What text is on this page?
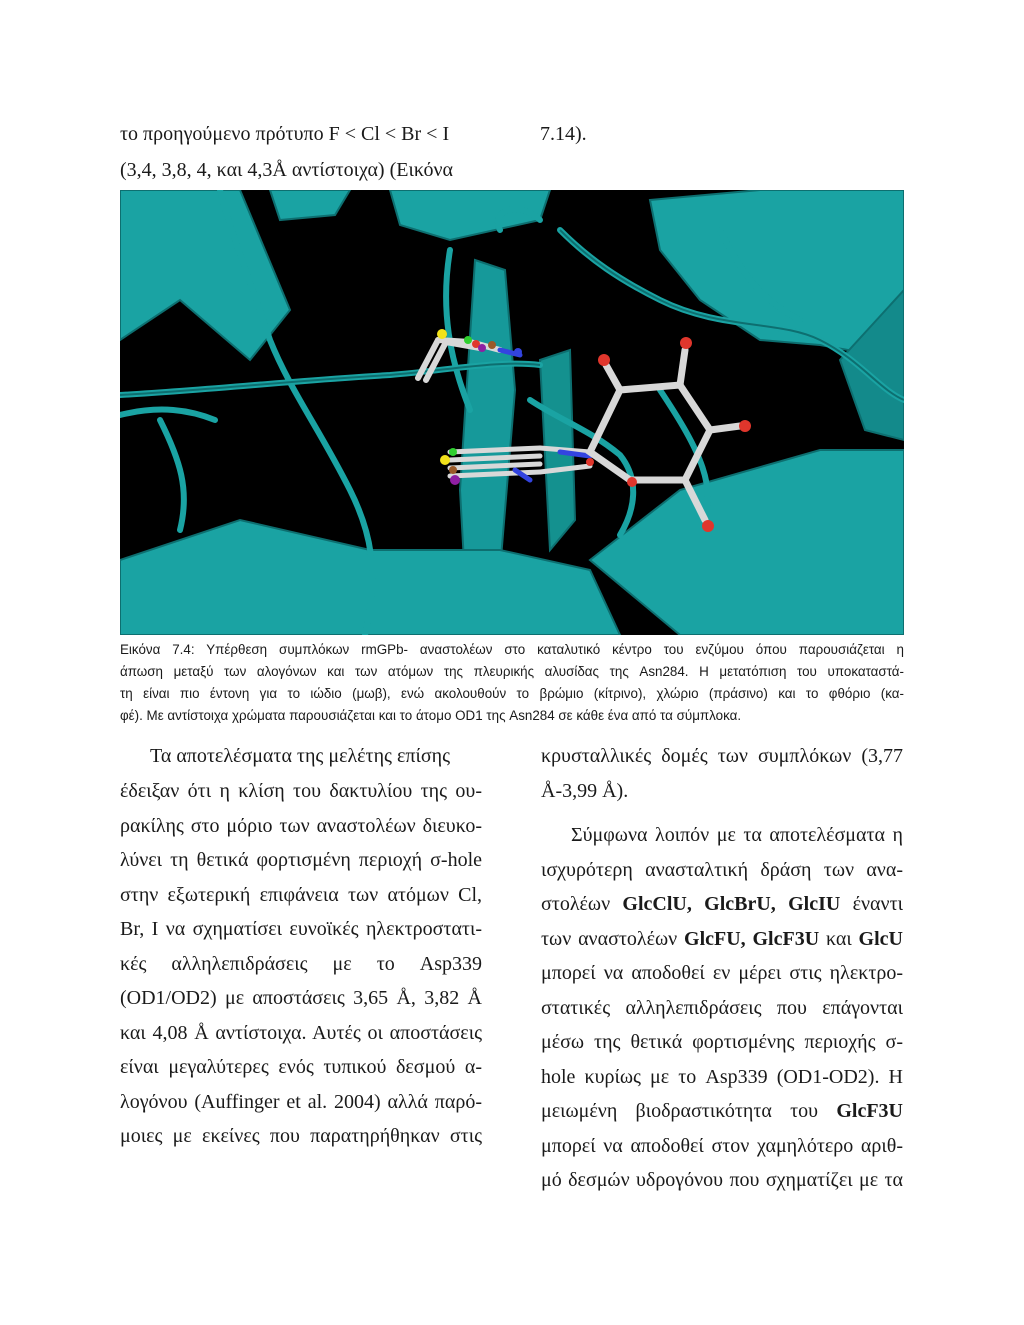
το προηγούμενο πρότυπο F < Cl < Br < I
(3,4, 3,8, 4, και 4,3Å αντίστοιχα) (Εικόνα
7.14).
Εικόνα 7.4: Υπέρθεση συμπλόκων rmGPb- αναστολέων στο καταλυτικό κέντρο του ενζύμου όπου παρουσιάζεται η
άπωση μεταξύ των αλογόνων και των ατόμων της πλευρικής αλυσίδας της Asn284. Η μετατόπιση του υποκαταστά-
τη είναι πιο έντονη για το ιώδιο (μωβ), ενώ ακολουθούν το βρώμιο (κίτρινο), χλώριο (πράσινο) και το φθόριο (κα-
φέ). Με αντίστοιχα χρώματα παρουσιάζεται και το άτομο OD1 της Asn284 σε κάθε ένα από τα σύμπλοκα.
Τα αποτελέσματα της μελέτης επίσης
έδειξαν ότι η κλίση του δακτυλίου της ου-
ρακίλης στο μόριο των αναστολέων διευκο-
λύνει τη θετικά φορτισμένη περιοχή σ-hole
στην εξωτερική επιφάνεια των ατόμων Cl,
Br, I να σχηματίσει ευνοϊκές ηλεκτροστατι-
κές αλληλεπιδράσεις με το Asp339
(OD1/OD2) με αποστάσεις 3,65 Å, 3,82 Å
και 4,08 Å αντίστοιχα. Αυτές οι αποστάσεις
είναι μεγαλύτερες ενός τυπικού δεσμού α-
λογόνου (Auffinger et al. 2004) αλλά παρό-
μοιες με εκείνες που παρατηρήθηκαν στις
κρυσταλλικές δομές των συμπλόκων (3,77
Å-3,99 Å).
Σύμφωνα λοιπόν με τα αποτελέσματα η
ισχυρότερη ανασταλτική δράση των ανα-
στολέων GlcClU, GlcBrU, GlcIU έναντι
των αναστολέων GlcFU, GlcF3U και GlcU
μπορεί να αποδοθεί εν μέρει στις ηλεκτρο-
στατικές αλληλεπιδράσεις που επάγονται
μέσω της θετικά φορτισμένης περιοχής σ-
hole κυρίως με το Asp339 (OD1-OD2). Η
μειωμένη βιοδραστικότητα του GlcF3U
μπορεί να αποδοθεί στον χαμηλότερο αριθ-
μό δεσμών υδρογόνου που σχηματίζει με τα
